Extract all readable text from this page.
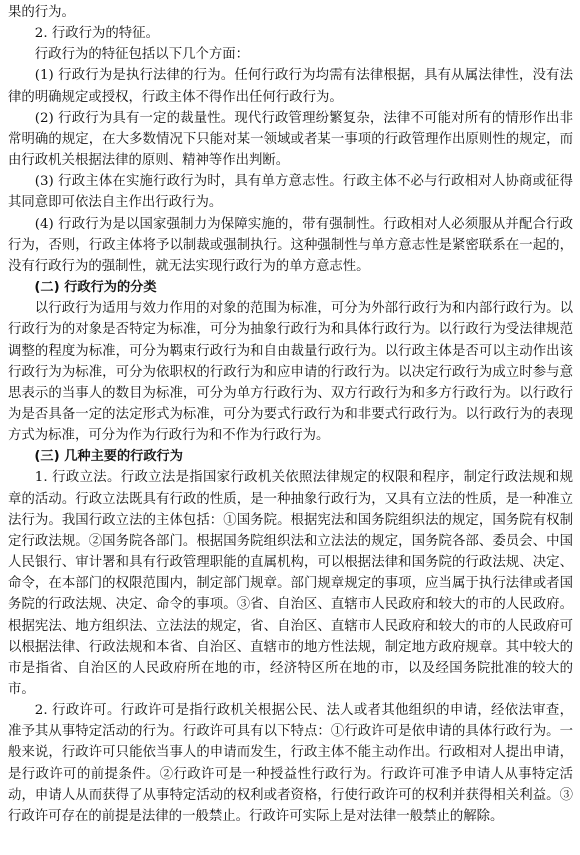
果的行为。

2. 行政行为的特征。

行政行为的特征包括以下几个方面：

(1) 行政行为是执行法律的行为。任何行政行为均需有法律根据，具有从属法律性，没有法律的明确规定或授权，行政主体不得作出任何行政行为。

(2) 行政行为具有一定的裁量性。现代行政管理纷繁复杂，法律不可能对所有的情形作出非常明确的规定，在大多数情况下只能对某一领域或者某一事项的行政管理作出原则性的规定，而由行政机关根据法律的原则、精神等作出判断。

(3) 行政主体在实施行政行为时，具有单方意志性。行政主体不必与行政相对人协商或征得其同意即可依法自主作出行政行为。

(4) 行政行为是以国家强制力为保障实施的，带有强制性。行政相对人必须服从并配合行政行为，否则，行政主体将予以制裁或强制执行。这种强制性与单方意志性是紧密联系在一起的，没有行政行为的强制性，就无法实现行政行为的单方意志性。

(二) 行政行为的分类

以行政行为适用与效力作用的对象的范围为标准，可分为外部行政行为和内部行政行为。以行政行为的对象是否特定为标准，可分为抽象行政行为和具体行政行为。以行政行为受法律规范调整的程度为标准，可分为羁束行政行为和自由裁量行政行为。以行政主体是否可以主动作出该行政行为为标准，可分为依职权的行政行为和应申请的行政行为。以决定行政行为成立时参与意思表示的当事人的数目为标准，可分为单方行政行为、双方行政行为和多方行政行为。以行政行为是否具备一定的法定形式为标准，可分为要式行政行为和非要式行政行为。以行政行为的表现方式为标准，可分为作为行政行为和不作为行政行为。

(三) 几种主要的行政行为

1. 行政立法。行政立法是指国家行政机关依照法律规定的权限和程序，制定行政法规和规章的活动。行政立法既具有行政的性质，是一种抽象行政行为，又具有立法的性质，是一种准立法行为。我国行政立法的主体包括：①国务院。根据宪法和国务院组织法的规定，国务院有权制定行政法规。②国务院各部门。根据国务院组织法和立法法的规定，国务院各部、委员会、中国人民银行、审计署和具有行政管理职能的直属机构，可以根据法律和国务院的行政法规、决定、命令，在本部门的权限范围内，制定部门规章。部门规章规定的事项，应当属于执行法律或者国务院的行政法规、决定、命令的事项。③省、自治区、直辖市人民政府和较大的市的人民政府。根据宪法、地方组织法、立法法的规定，省、自治区、直辖市人民政府和较大的市的人民政府可以根据法律、行政法规和本省、自治区、直辖市的地方性法规，制定地方政府规章。其中较大的市是指省、自治区的人民政府所在地的市，经济特区所在地的市，以及经国务院批准的较大的市。

2. 行政许可。行政许可是指行政机关根据公民、法人或者其他组织的申请，经依法审查，准予其从事特定活动的行为。行政许可具有以下特点：①行政许可是依申请的具体行政行为。一般来说，行政许可只能依当事人的申请而发生，行政主体不能主动作出。行政相对人提出申请，是行政许可的前提条件。②行政许可是一种授益性行政行为。行政许可准予申请人从事特定活动，申请人从而获得了从事特定活动的权利或者资格，行使行政许可的权利并获得相关利益。③行政许可存在的前提是法律的一般禁止。行政许可实际上是对法律一般禁止的解除。
